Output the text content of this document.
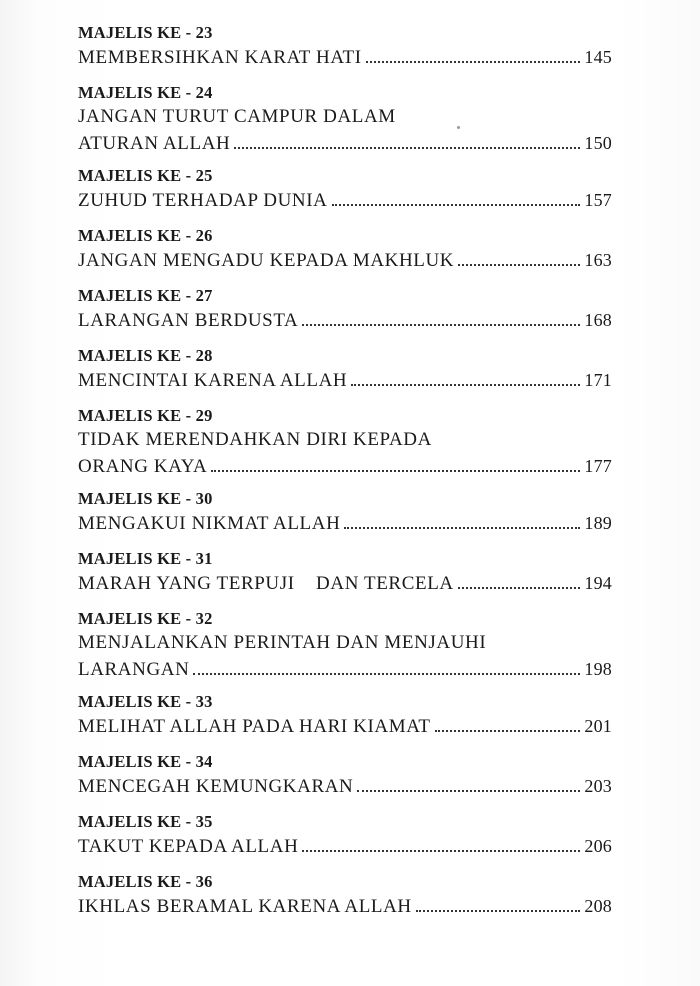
MAJELIS KE - 23
MEMBERSIHKAN KARAT HATI	145
MAJELIS KE - 24
JANGAN TURUT CAMPUR DALAM
ATURAN ALLAH	150
MAJELIS KE - 25
ZUHUD TERHADAP DUNIA	157
MAJELIS KE - 26
JANGAN MENGADU KEPADA MAKHLUK	163
MAJELIS KE - 27
LARANGAN BERDUSTA	168
MAJELIS KE - 28
MENCINTAI KARENA ALLAH	171
MAJELIS KE - 29
TIDAK MERENDAHKAN DIRI KEPADA
ORANG KAYA	177
MAJELIS KE - 30
MENGAKUI NIKMAT ALLAH	189
MAJELIS KE - 31
MARAH YANG TERPUJI    DAN TERCELA	194
MAJELIS KE - 32
MENJALANKAN PERINTAH DAN MENJAUHI
LARANGAN	198
MAJELIS KE - 33
MELIHAT ALLAH PADA HARI KIAMAT	201
MAJELIS KE - 34
MENCEGAH KEMUNGKARAN	203
MAJELIS KE - 35
TAKUT KEPADA ALLAH	206
MAJELIS KE - 36
IKHLAS BERAMAL KARENA ALLAH	208
